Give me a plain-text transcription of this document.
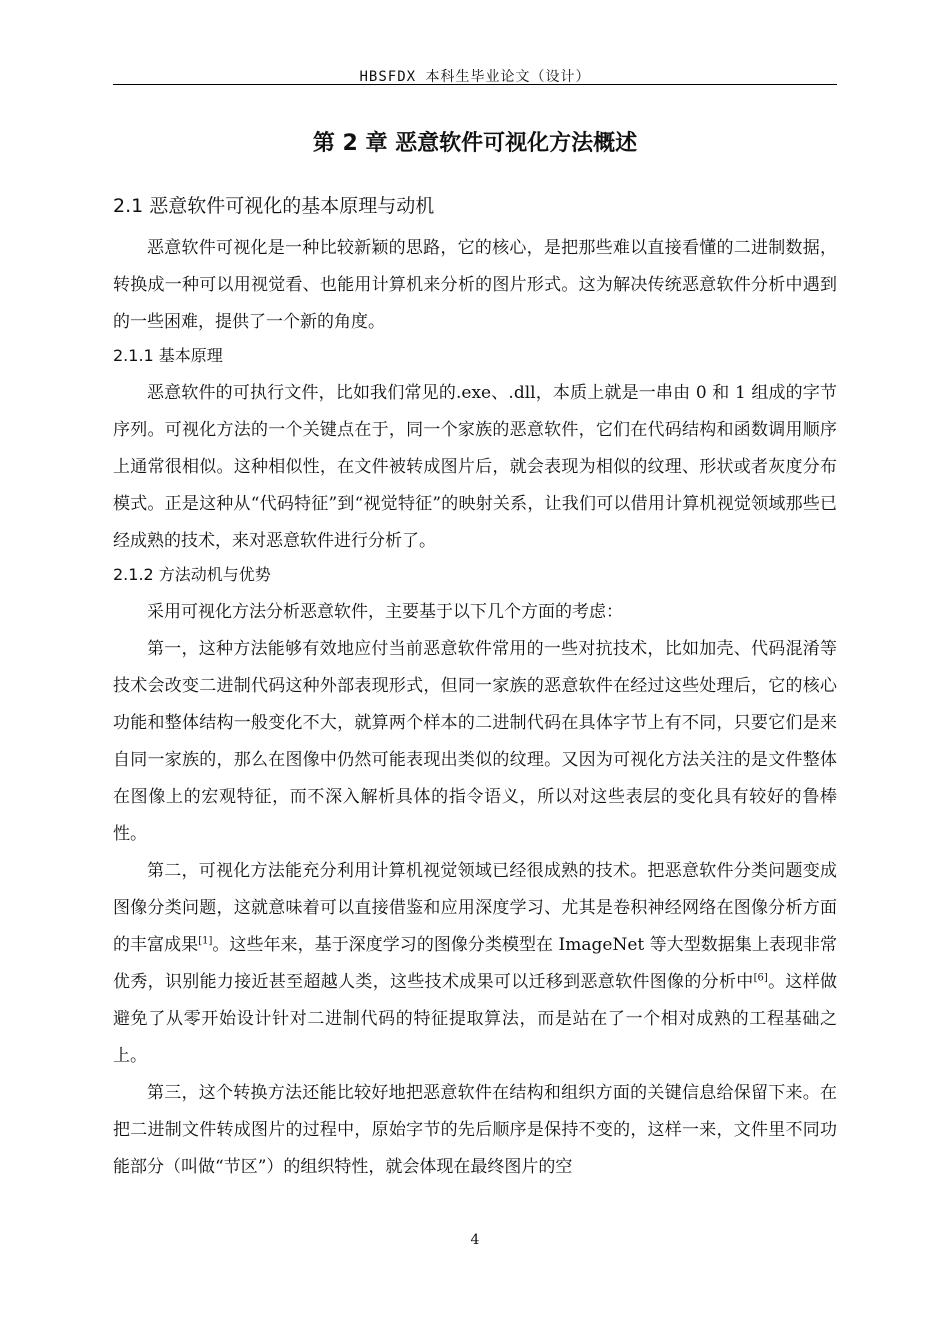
HBSFDX 本科生毕业论文（设计）
第 2 章 恶意软件可视化方法概述
2.1 恶意软件可视化的基本原理与动机

恶意软件可视化是一种比较新颖的思路，它的核心，是把那些难以直接看懂的二进制数据，转换成一种可以用视觉看、也能用计算机来分析的图片形式。这为解决传统恶意软件分析中遇到的一些困难，提供了一个新的角度。

2.1.1 基本原理

恶意软件的可执行文件，比如我们常见的.exe、.dll，本质上就是一串由 0 和 1 组成的字节序列。可视化方法的一个关键点在于，同一个家族的恶意软件，它们在代码结构和函数调用顺序上通常很相似。这种相似性，在文件被转成图片后，就会表现为相似的纹理、形状或者灰度分布模式。正是这种从“代码特征”到“视觉特征”的映射关系，让我们可以借用计算机视觉领域那些已经成熟的技术，来对恶意软件进行分析了。

2.1.2 方法动机与优势

采用可视化方法分析恶意软件，主要基于以下几个方面的考虑：

第一，这种方法能够有效地应付当前恶意软件常用的一些对抗技术，比如加壳、代码混淆等技术会改变二进制代码这种外部表现形式，但同一家族的恶意软件在经过这些处理后，它的核心功能和整体结构一般变化不大，就算两个样本的二进制代码在具体字节上有不同，只要它们是来自同一家族的，那么在图像中仍然可能表现出类似的纹理。又因为可视化方法关注的是文件整体在图像上的宏观特征，而不深入解析具体的指令语义，所以对这些表层的变化具有较好的鲁棒性。

第二，可视化方法能充分利用计算机视觉领域已经很成熟的技术。把恶意软件分类问题变成图像分类问题，这就意味着可以直接借鉴和应用深度学习、尤其是卷积神经网络在图像分析方面的丰富成果[1]。这些年来，基于深度学习的图像分类模型在 ImageNet 等大型数据集上表现非常优秀，识别能力接近甚至超越人类，这些技术成果可以迁移到恶意软件图像的分析中[6]。这样做避免了从零开始设计针对二进制代码的特征提取算法，而是站在了一个相对成熟的工程基础之上。

第三，这个转换方法还能比较好地把恶意软件在结构和组织方面的关键信息给保留下来。在把二进制文件转成图片的过程中，原始字节的先后顺序是保持不变的，这样一来，文件里不同功能部分（叫做“节区”）的组织特性，就会体现在最终图片的空

4
